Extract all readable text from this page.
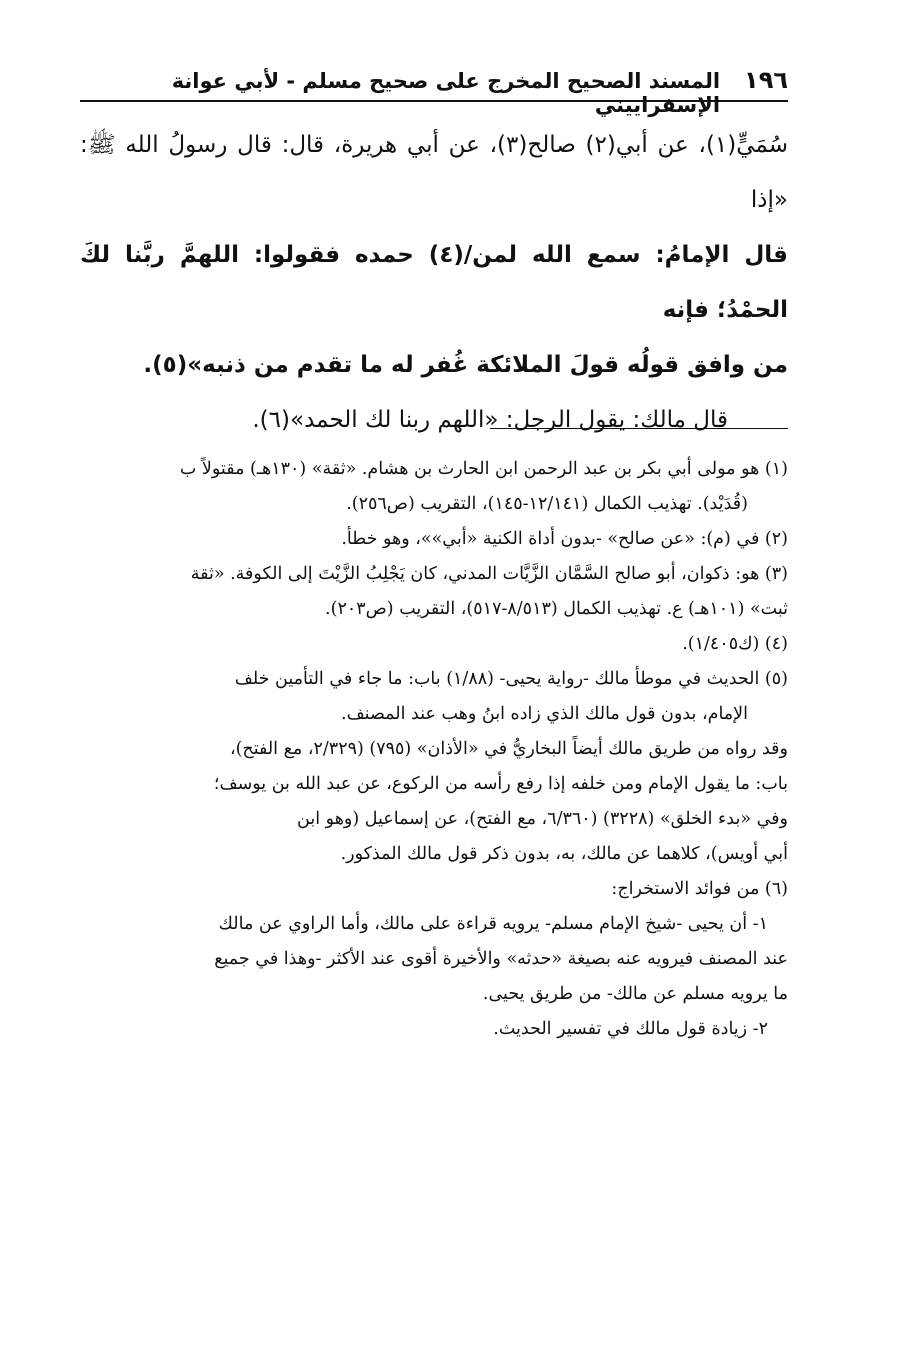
١٩٦
المسند الصحيح المخرج على صحيح مسلم - لأبي عوانة الإسفراييني

سُمَيٍّ(١)، عن أبي(٢) صالح(٣)، عن أبي هريرة، قال: قال رسولُ الله ﷺ: «إذا

قال الإمامُ: سمع الله لمن/(٤) حمده فقولوا: اللهمَّ ربَّنا لكَ الحمْدُ؛ فإنه

من وافق قولُه قولَ الملائكة غُفر له ما تقدم من ذنبه»(٥).

قال مالك: يقول الرجل: «اللهم ربنا لك الحمد»(٦).

(١) هو مولى أبي بكر بن عبد الرحمن ابن الحارث بن هشام. «ثقة» (١٣٠هـ) مقتولاً ب

(قُدَيْد). تهذيب الكمال (١٢/١٤١-١٤٥)، التقريب (ص٢٥٦).

(٢) في (م): «عن صالح» -بدون أداة الكنية «أبي»»، وهو خطأ.

(٣) هو: ذكوان، أبو صالح السَّمَّان الزَّيَّات المدني، كان يَجْلِبُ الزَّيْتَ إلى الكوفة. «ثقة

ثبت» (١٠١هـ) ع. تهذيب الكمال (٨/٥١٣-٥١٧)، التقريب (ص٢٠٣).

(٤) (ك١/٤٠٥).

(٥) الحديث في موطأ مالك -رواية يحيى- (١/٨٨) باب: ما جاء في التأمين خلف

الإمام، بدون قول مالك الذي زاده ابنُ وهب عند المصنف.

وقد رواه من طريق مالك أيضاً البخاريُّ في «الأذان» (٧٩٥) (٢/٣٢٩، مع الفتح)،

باب: ما يقول الإمام ومن خلفه إذا رفع رأسه من الركوع، عن عبد الله بن يوسف؛

وفي «بدء الخلق» (٣٢٢٨) (٦/٣٦٠، مع الفتح)، عن إسماعيل (وهو ابن

أبي أويس)، كلاهما عن مالك، به، بدون ذكر قول مالك المذكور.

(٦) من فوائد الاستخراج:

١- أن يحيى -شيخ الإمام مسلم- يرويه قراءة على مالك، وأما الراوي عن مالك

عند المصنف فيرويه عنه بصيغة «حدثه» والأخيرة أقوى عند الأكثر -وهذا في جميع

ما يرويه مسلم عن مالك- من طريق يحيى.

٢- زيادة قول مالك في تفسير الحديث.
